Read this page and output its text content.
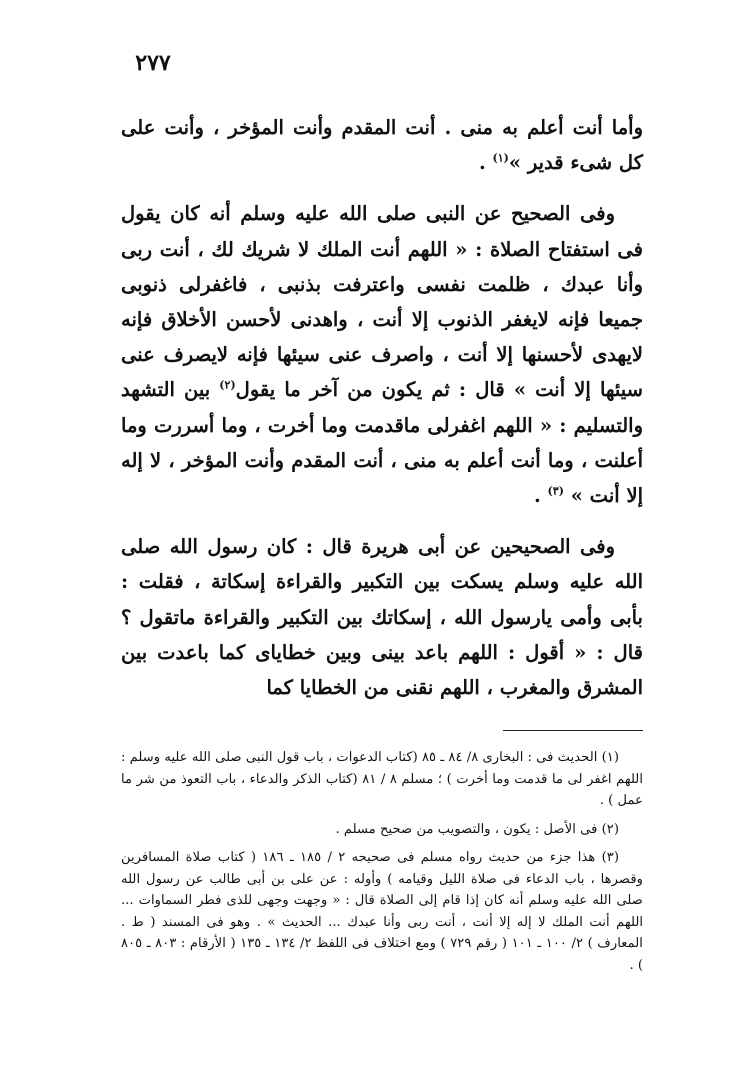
٢٧٧

وأما أنت أعلم به منى . أنت المقدم وأنت المؤخر ، وأنت على كل شىء قدير »$^{(١)}$ .

وفى الصحيح عن النبى صلى الله عليه وسلم أنه كان يقول فى استفتاح الصلاة : « اللهم أنت الملك لا شريك لك ، أنت ربى وأنا عبدك ، ظلمت نفسى واعترفت بذنبى ، فاغفرلى ذنوبى جميعا فإنه لايغفر الذنوب إلا أنت ، واهدنى لأحسن الأخلاق فإنه لايهدى لأحسنها إلا أنت ، واصرف عنى سيئها فإنه لايصرف عنى سيئها إلا أنت » قال : ثم يكون من آخر ما يقول$^{(٢)}$ بين التشهد والتسليم : « اللهم اغفرلى ماقدمت وما أخرت ، وما أسررت وما أعلنت ، وما أنت أعلم به منى ، أنت المقدم وأنت المؤخر ، لا إله إلا أنت » $^{(٣)}$ .

وفى الصحيحين عن أبى هريرة قال : كان رسول الله صلى الله عليه وسلم يسكت بين التكبير والقراءة إسكاتة ، فقلت : بأبى وأمى يارسول الله ، إسكاتك بين التكبير والقراءة ماتقول ؟ قال : « أقول : اللهم باعد بينى وبين خطاياى كما باعدت بين المشرق والمغرب ، اللهم نقنى من الخطايا كما

(١) الحديث فى : البخارى ٨/ ٨٤ ـ ٨٥ (كتاب الدعوات ، باب قول النبى صلى الله عليه وسلم : اللهم اغفر لى ما قدمت وما أخرت ) ؛ مسلم ٨ / ٨١ (كتاب الذكر والدعاء ، باب التعوذ من شر ما عمل ) .

(٢) فى الأصل : يكون ، والتصويب من صحيح مسلم .

(٣) هذا جزء من حديث رواه مسلم فى صحيحه ٢ / ١٨٥ ـ ١٨٦ ( كتاب صلاة المسافرين وقصرها ، باب الدعاء فى صلاة الليل وقيامه ) وأوله : عن على بن أبى طالب عن رسول الله صلى الله عليه وسلم أنه كان إذا قام إلى الصلاة قال : « وجهت وجهى للذى فطر السماوات ... اللهم أنت الملك لا إله إلا أنت ، أنت ربى وأنا عبدك ... الحديث » . وهو فى المسند ( ط . المعارف ) ٢/ ١٠٠ ـ ١٠١ ( رقم ٧٢٩ ) ومع اختلاف فى اللفظ ٢/ ١٣٤ ـ ١٣٥ ( الأرقام : ٨٠٣ ـ ٨٠٥ ) .
